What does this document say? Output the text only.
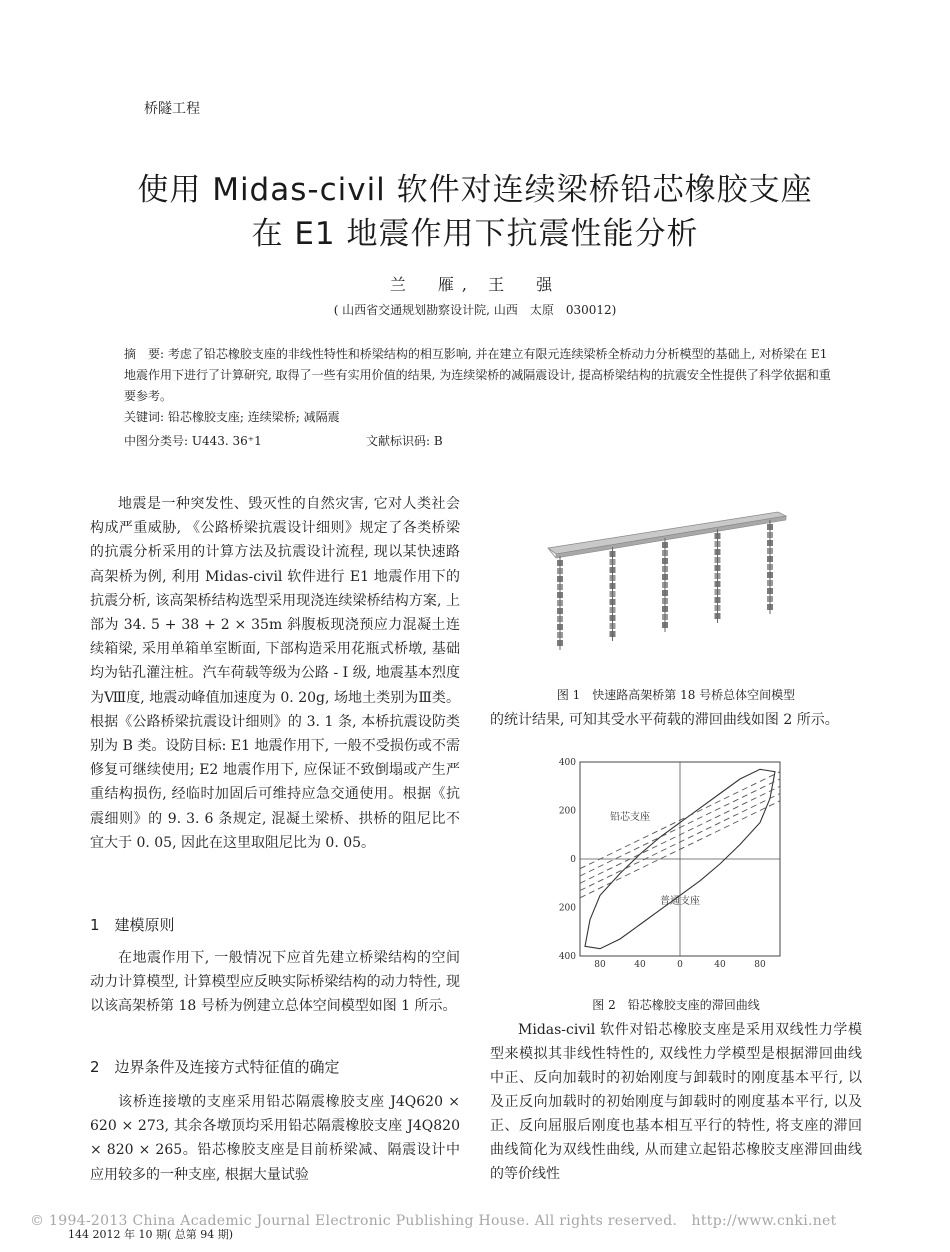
桥隧工程
使用 Midas-civil 软件对连续梁桥铅芯橡胶支座
在 E1 地震作用下抗震性能分析
兰　雁, 王　强
( 山西省交通规划勘察设计院, 山西　太原　030012)
摘　要: 考虑了铅芯橡胶支座的非线性特性和桥梁结构的相互影响, 并在建立有限元连续梁桥全桥动力分析模型的基础上, 对桥梁在 E1 地震作用下进行了计算研究, 取得了一些有实用价值的结果, 为连续梁桥的减隔震设计, 提高桥梁结构的抗震安全性提供了科学依据和重要参考。
关键词: 铅芯橡胶支座; 连续梁桥; 减隔震
中图分类号: U443. 36⁺1	文献标识码: B
地震是一种突发性、毁灭性的自然灾害, 它对人类社会构成严重威胁, 《公路桥梁抗震设计细则》规定了各类桥梁的抗震分析采用的计算方法及抗震设计流程, 现以某快速路高架桥为例, 利用 Midas-civil 软件进行 E1 地震作用下的抗震分析, 该高架桥结构选型采用现浇连续梁桥结构方案, 上部为 34. 5 + 38 + 2 × 35m 斜腹板现浇预应力混凝土连续箱梁, 采用单箱单室断面, 下部构造采用花瓶式桥墩, 基础均为钻孔灌注桩。汽车荷载等级为公路 - I 级, 地震基本烈度为Ⅷ度, 地震动峰值加速度为 0. 20g, 场地土类别为Ⅲ类。根据《公路桥梁抗震设计细则》的 3. 1 条, 本桥抗震设防类别为 B 类。设防目标: E1 地震作用下, 一般不受损伤或不需修复可继续使用; E2 地震作用下, 应保证不致倒塌或产生严重结构损伤, 经临时加固后可维持应急交通使用。根据《抗震细则》的 9. 3. 6 条规定, 混凝土梁桥、拱桥的阻尼比不宜大于 0. 05, 因此在这里取阻尼比为 0. 05。
1　建模原则
在地震作用下, 一般情况下应首先建立桥梁结构的空间动力计算模型, 计算模型应反映实际桥梁结构的动力特性, 现以该高架桥第 18 号桥为例建立总体空间模型如图 1 所示。
2　边界条件及连接方式特征值的确定
该桥连接墩的支座采用铅芯隔震橡胶支座 J4Q620 × 620 × 273, 其余各墩顶均采用铅芯隔震橡胶支座 J4Q820 × 820 × 265。铅芯橡胶支座是目前桥梁减、隔震设计中应用较多的一种支座, 根据大量试验
图 1　快速路高架桥第 18 号桥总体空间模型
的统计结果, 可知其受水平荷载的滞回曲线如图 2 所示。
400
200
0
200
400
80	40	0	40	80
铅芯支座
普通支座
图 2　铅芯橡胶支座的滞回曲线
Midas-civil 软件对铅芯橡胶支座是采用双线性力学模型来模拟其非线性特性的, 双线性力学模型是根据滞回曲线中正、反向加载时的初始刚度与卸载时的刚度基本平行, 以及正反向加载时的初始刚度与卸载时的刚度基本平行, 以及正、反向屈服后刚度也基本相互平行的特性, 将支座的滞回曲线简化为双线性曲线, 从而建立起铅芯橡胶支座滞回曲线的等价线性
© 1994-2013 China Academic Journal Electronic Publishing House. All rights reserved.　http://www.cnki.net
144 2012 年 10 期( 总第 94 期)
